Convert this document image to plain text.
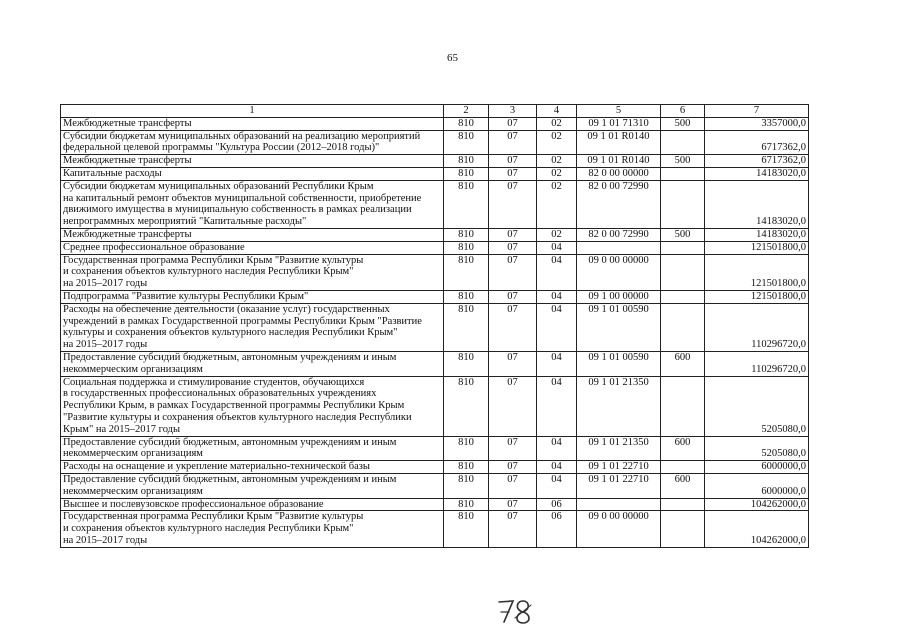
65
1	2	3	4	5	6	7
Межбюджетные трансферты	810	07	02	09 1 01 71310	500	3357000,0
Субсидии бюджетам муниципальных образований на реализацию мероприятий
федеральной целевой программы "Культура России (2012–2018 годы)"	810	07	02	09 1 01 R0140		6717362,0
Межбюджетные трансферты	810	07	02	09 1 01 R0140	500	6717362,0
Капитальные расходы	810	07	02	82 0 00 00000		14183020,0
Субсидии бюджетам муниципальных образований Республики Крым
на капитальный ремонт объектов муниципальной собственности, приобретение
движимого имущества в муниципальную собственность в рамках реализации
непрограммных мероприятий "Капитальные расходы"	810	07	02	82 0 00 72990		14183020,0
Межбюджетные трансферты	810	07	02	82 0 00 72990	500	14183020,0
Среднее профессиональное образование	810	07	04			121501800,0
Государственная программа Республики Крым "Развитие культуры
и сохранения объектов культурного наследия Республики Крым"
на 2015–2017 годы	810	07	04	09 0 00 00000		121501800,0
Подпрограмма "Развитие культуры Республики Крым"	810	07	04	09 1 00 00000		121501800,0
Расходы на обеспечение деятельности (оказание услуг) государственных
учреждений в рамках Государственной программы Республики Крым "Развитие
культуры и сохранения объектов культурного наследия Республики Крым"
на 2015–2017 годы	810	07	04	09 1 01 00590		110296720,0
Предоставление субсидий бюджетным, автономным учреждениям и иным
некоммерческим организациям	810	07	04	09 1 01 00590	600	110296720,0
Социальная поддержка и стимулирование студентов, обучающихся
в государственных профессиональных образовательных учреждениях
Республики Крым, в рамках Государственной программы Республики Крым
"Развитие культуры и сохранения объектов культурного наследия Республики
Крым" на 2015–2017 годы	810	07	04	09 1 01 21350		5205080,0
Предоставление субсидий бюджетным, автономным учреждениям и иным
некоммерческим организациям	810	07	04	09 1 01 21350	600	5205080,0
Расходы на оснащение и укрепление материально-технической базы	810	07	04	09 1 01 22710		6000000,0
Предоставление субсидий бюджетным, автономным учреждениям и иным
некоммерческим организациям	810	07	04	09 1 01 22710	600	6000000,0
Высшее и послевузовское профессиональное образование	810	07	06			104262000,0
Государственная программа Республики Крым "Развитие культуры
и сохранения объектов культурного наследия Республики Крым"
на 2015–2017 годы	810	07	06	09 0 00 00000		104262000,0
